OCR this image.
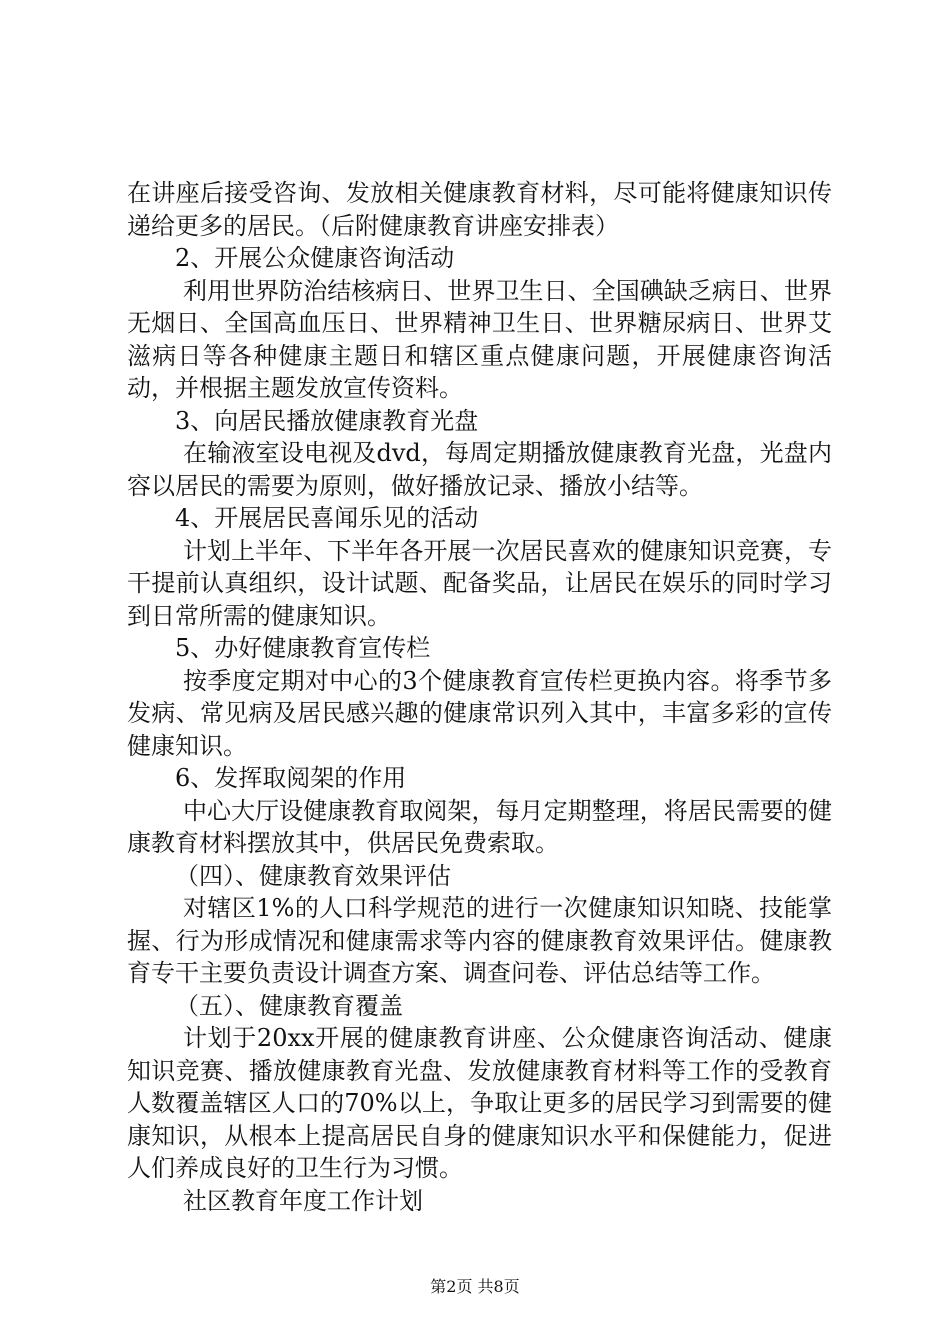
在讲座后接受咨询、发放相关健康教育材料，尽可能将健康知识传递给更多的居民。（后附健康教育讲座安排表）

2、开展公众健康咨询活动

利用世界防治结核病日、世界卫生日、全国碘缺乏病日、世界无烟日、全国高血压日、世界精神卫生日、世界糖尿病日、世界艾滋病日等各种健康主题日和辖区重点健康问题，开展健康咨询活动，并根据主题发放宣传资料。

3、向居民播放健康教育光盘

在输液室设电视及dvd，每周定期播放健康教育光盘，光盘内容以居民的需要为原则，做好播放记录、播放小结等。

4、开展居民喜闻乐见的活动

计划上半年、下半年各开展一次居民喜欢的健康知识竞赛，专干提前认真组织，设计试题、配备奖品，让居民在娱乐的同时学习到日常所需的健康知识。

5、办好健康教育宣传栏

按季度定期对中心的3个健康教育宣传栏更换内容。将季节多发病、常见病及居民感兴趣的健康常识列入其中，丰富多彩的宣传健康知识。

6、发挥取阅架的作用

中心大厅设健康教育取阅架，每月定期整理，将居民需要的健康教育材料摆放其中，供居民免费索取。

（四）、健康教育效果评估

对辖区1%的人口科学规范的进行一次健康知识知晓、技能掌握、行为形成情况和健康需求等内容的健康教育效果评估。健康教育专干主要负责设计调查方案、调查问卷、评估总结等工作。

（五）、健康教育覆盖

计划于20xx开展的健康教育讲座、公众健康咨询活动、健康知识竞赛、播放健康教育光盘、发放健康教育材料等工作的受教育人数覆盖辖区人口的70%以上，争取让更多的居民学习到需要的健康知识，从根本上提高居民自身的健康知识水平和保健能力，促进人们养成良好的卫生行为习惯。

社区教育年度工作计划

第2页 共8页
